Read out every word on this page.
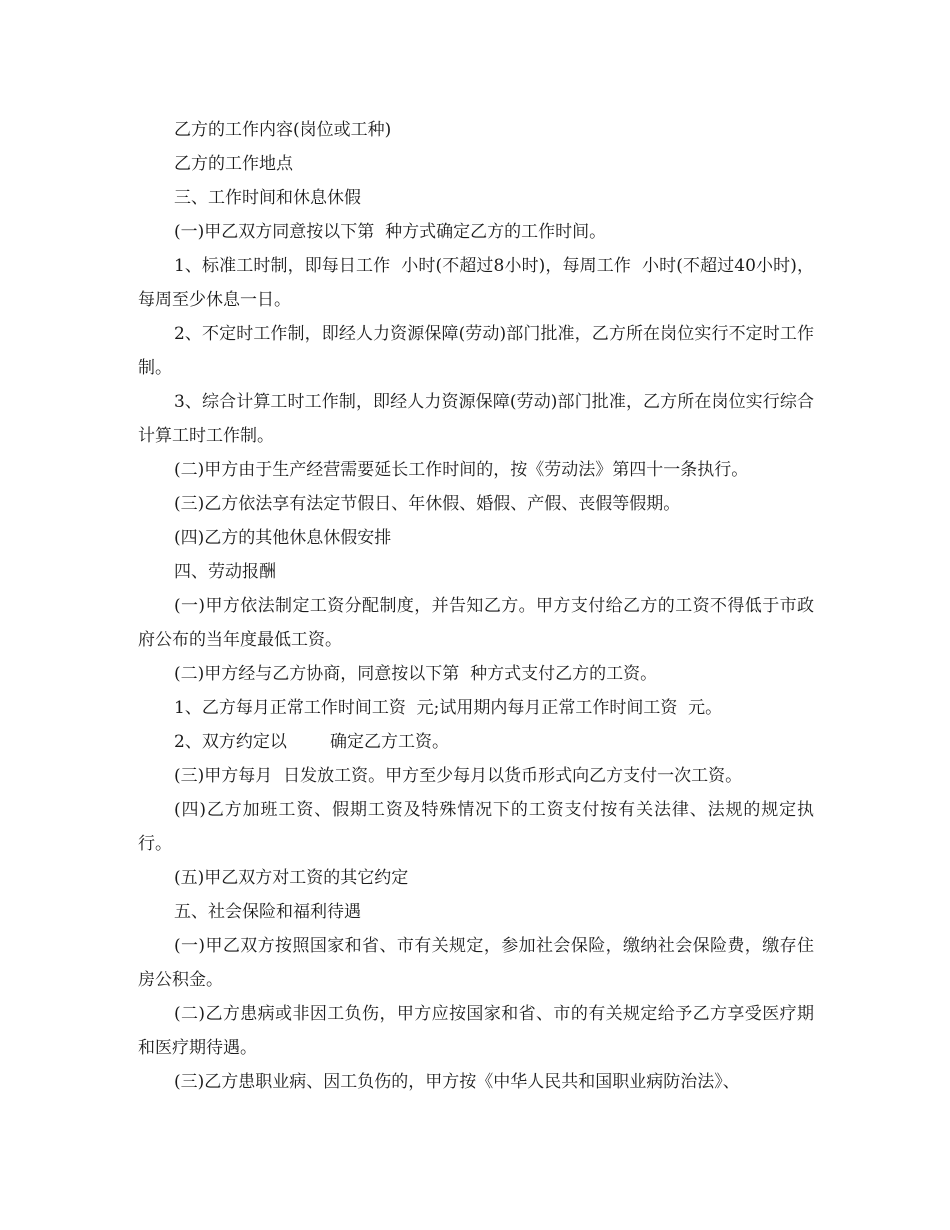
乙方的工作内容(岗位或工种)

乙方的工作地点

三、工作时间和休息休假

(一)甲乙双方同意按以下第  种方式确定乙方的工作时间。

1、标准工时制，即每日工作  小时(不超过8小时)，每周工作  小时(不超过40小时)，每周至少休息一日。

2、不定时工作制，即经人力资源保障(劳动)部门批准，乙方所在岗位实行不定时工作制。

3、综合计算工时工作制，即经人力资源保障(劳动)部门批准，乙方所在岗位实行综合计算工时工作制。

(二)甲方由于生产经营需要延长工作时间的，按《劳动法》第四十一条执行。

(三)乙方依法享有法定节假日、年休假、婚假、产假、丧假等假期。

(四)乙方的其他休息休假安排

四、劳动报酬

(一)甲方依法制定工资分配制度，并告知乙方。甲方支付给乙方的工资不得低于市政府公布的当年度最低工资。

(二)甲方经与乙方协商，同意按以下第  种方式支付乙方的工资。

1、乙方每月正常工作时间工资  元;试用期内每月正常工作时间工资  元。

2、双方约定以        确定乙方工资。

(三)甲方每月  日发放工资。甲方至少每月以货币形式向乙方支付一次工资。

(四)乙方加班工资、假期工资及特殊情况下的工资支付按有关法律、法规的规定执行。

(五)甲乙双方对工资的其它约定

五、社会保险和福利待遇

(一)甲乙双方按照国家和省、市有关规定，参加社会保险，缴纳社会保险费，缴存住房公积金。

(二)乙方患病或非因工负伤，甲方应按国家和省、市的有关规定给予乙方享受医疗期和医疗期待遇。

(三)乙方患职业病、因工负伤的，甲方按《中华人民共和国职业病防治法》、
